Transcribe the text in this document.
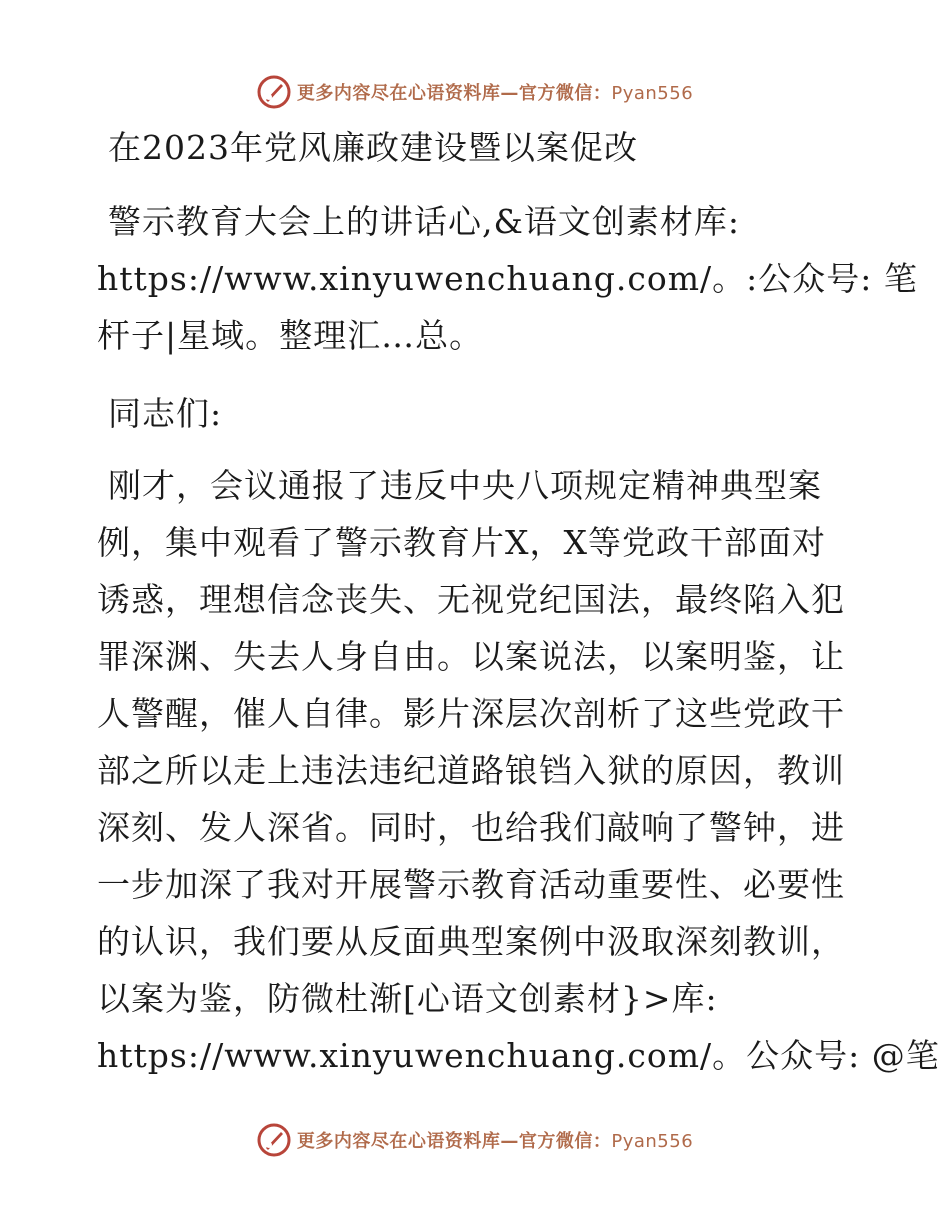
更多内容尽在心语资料库—官方微信：Pyan556
在2023年党风廉政建设暨以案促改
警示教育大会上的讲话心,&语文创素材库:
https://www.xinyuwenchuang.com/。:公众号: 笔
杆子|星域。整理汇…总。
同志们:
刚才，会议通报了违反中央八项规定精神典型案
例，集中观看了警示教育片X，X等党政干部面对
诱惑，理想信念丧失、无视党纪国法，最终陷入犯
罪深渊、失去人身自由。以案说法，以案明鉴，让
人警醒，催人自律。影片深层次剖析了这些党政干
部之所以走上违法违纪道路锒铛入狱的原因，教训
深刻、发人深省。同时，也给我们敲响了警钟，进
一步加深了我对开展警示教育活动重要性、必要性
的认识，我们要从反面典型案例中汲取深刻教训，
以案为鉴，防微杜渐[心语文创素材}>库:
https://www.xinyuwenchuang.com/。公众号: @笔
更多内容尽在心语资料库—官方微信：Pyan556
